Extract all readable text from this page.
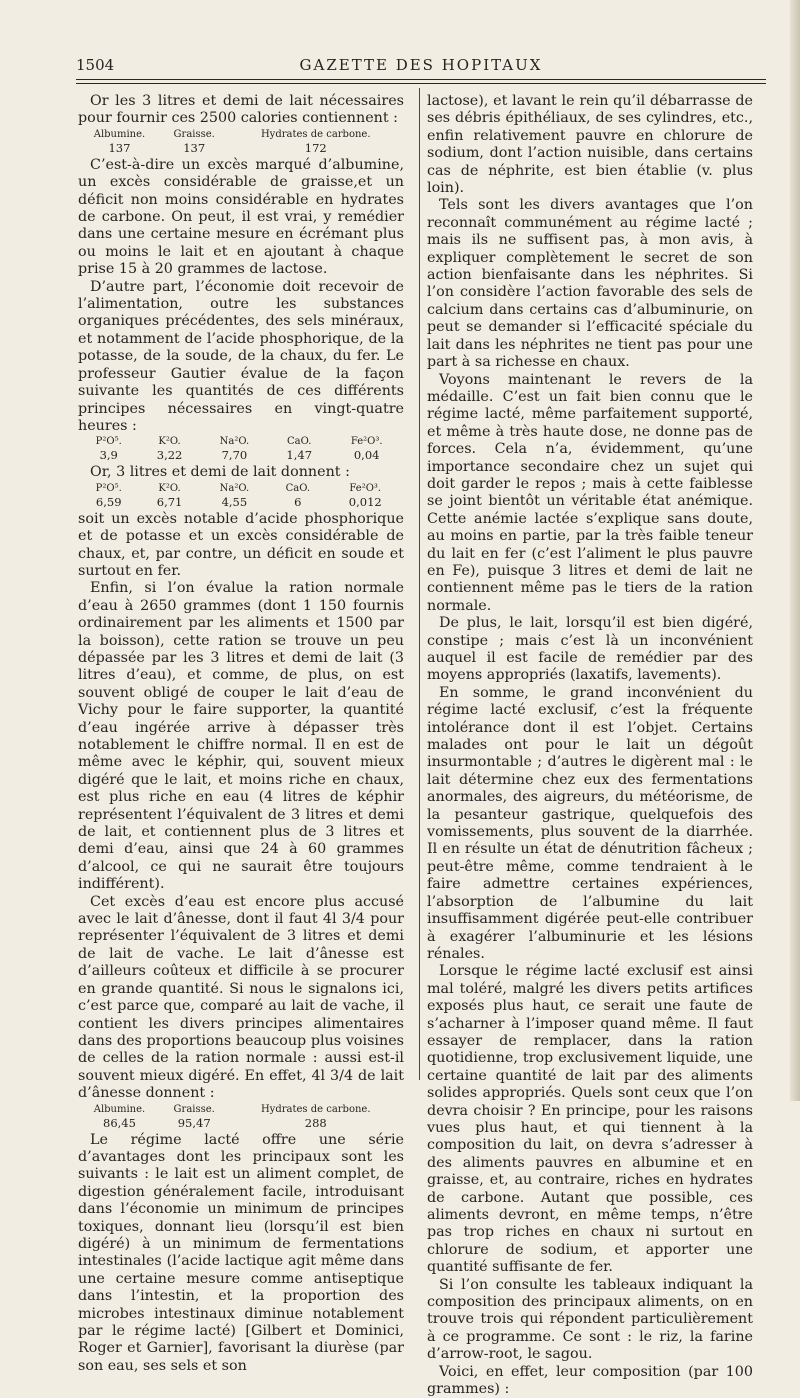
1504	GAZETTE DES HOPITAUX

Or les 3 litres et demi de lait nécessaires pour fournir ces 2500 calories contiennent :

Albumine.	Graisse.	Hydrates de carbone.
137	137	172

C’est-à-dire un excès marqué d’albumine, un excès considérable de graisse,et un déficit non moins considérable en hydrates de carbone. On peut, il est vrai, y remédier dans une certaine mesure en écrémant plus ou moins le lait et en ajoutant à chaque prise 15 à 20 grammes de lactose.

D’autre part, l’économie doit recevoir de l’alimentation, outre les substances organiques précédentes, des sels minéraux, et notamment de l’acide phosphorique, de la potasse, de la soude, de la chaux, du fer. Le professeur Gautier évalue de la façon suivante les quantités de ces différents principes nécessaires en vingt-quatre heures :

P²O⁵.	K²O.	Na²O.	CaO.	Fe²O³.
3,9	3,22	7,70	1,47	0,04

Or, 3 litres et demi de lait donnent :

P²O⁵.	K²O.	Na²O.	CaO.	Fe²O³.
6,59	6,71	4,55	6	0,012

soit un excès notable d’acide phosphorique et de potasse et un excès considérable de chaux, et, par contre, un déficit en soude et surtout en fer.

Enfin, si l’on évalue la ration normale d’eau à 2650 grammes (dont 1 150 fournis ordinairement par les aliments et 1500 par la boisson), cette ration se trouve un peu dépassée par les 3 litres et demi de lait (3 litres d’eau), et comme, de plus, on est souvent obligé de couper le lait d’eau de Vichy pour le faire supporter, la quantité d’eau ingérée arrive à dépasser très notablement le chiffre normal. Il en est de même avec le képhir, qui, souvent mieux digéré que le lait, et moins riche en chaux, est plus riche en eau (4 litres de képhir représentent l’équivalent de 3 litres et demi de lait, et contiennent plus de 3 litres et demi d’eau, ainsi que 24 à 60 grammes d’alcool, ce qui ne saurait être toujours indifférent).

Cet excès d’eau est encore plus accusé avec le lait d’ânesse, dont il faut 4l 3/4 pour représenter l’équivalent de 3 litres et demi de lait de vache. Le lait d’ânesse est d’ailleurs coûteux et difficile à se procurer en grande quantité. Si nous le signalons ici, c’est parce que, comparé au lait de vache, il contient les divers principes alimentaires dans des proportions beaucoup plus voisines de celles de la ration normale : aussi est-il souvent mieux digéré. En effet, 4l 3/4 de lait d’ânesse donnent :

Albumine.	Graisse.	Hydrates de carbone.
86,45	95,47	288

Le régime lacté offre une série d’avantages dont les principaux sont les suivants : le lait est un aliment complet, de digestion généralement facile, introduisant dans l’économie un minimum de principes toxiques, donnant lieu (lorsqu’il est bien digéré) à un minimum de fermentations intestinales (l’acide lactique agit même dans une certaine mesure comme antiseptique dans l’intestin, et la proportion des microbes intestinaux diminue notablement par le régime lacté) [Gilbert et Dominici, Roger et Garnier], favorisant la diurèse (par son eau, ses sels et son

lactose), et lavant le rein qu’il débarrasse de ses débris épithéliaux, de ses cylindres, etc., enfin relativement pauvre en chlorure de sodium, dont l’action nuisible, dans certains cas de néphrite, est bien établie (v. plus loin).

Tels sont les divers avantages que l’on reconnaît communément au régime lacté ; mais ils ne suffisent pas, à mon avis, à expliquer complètement le secret de son action bienfaisante dans les néphrites. Si l’on considère l’action favorable des sels de calcium dans certains cas d’albuminurie, on peut se demander si l’efficacité spéciale du lait dans les néphrites ne tient pas pour une part à sa richesse en chaux.

Voyons maintenant le revers de la médaille. C’est un fait bien connu que le régime lacté, même parfaitement supporté, et même à très haute dose, ne donne pas de forces. Cela n’a, évidemment, qu’une importance secondaire chez un sujet qui doit garder le repos ; mais à cette faiblesse se joint bientôt un véritable état anémique. Cette anémie lactée s’explique sans doute, au moins en partie, par la très faible teneur du lait en fer (c’est l’aliment le plus pauvre en Fe), puisque 3 litres et demi de lait ne contiennent même pas le tiers de la ration normale.

De plus, le lait, lorsqu’il est bien digéré, constipe ; mais c’est là un inconvénient auquel il est facile de remédier par des moyens appropriés (laxatifs, lavements).

En somme, le grand inconvénient du régime lacté exclusif, c’est la fréquente intolérance dont il est l’objet. Certains malades ont pour le lait un dégoût insurmontable ; d’autres le digèrent mal : le lait détermine chez eux des fermentations anormales, des aigreurs, du météorisme, de la pesanteur gastrique, quelquefois des vomissements, plus souvent de la diarrhée. Il en résulte un état de dénutrition fâcheux ; peut-être même, comme tendraient à le faire admettre certaines expériences, l’absorption de l’albumine du lait insuffisamment digérée peut-elle contribuer à exagérer l’albuminurie et les lésions rénales.

Lorsque le régime lacté exclusif est ainsi mal toléré, malgré les divers petits artifices exposés plus haut, ce serait une faute de s’acharner à l’imposer quand même. Il faut essayer de remplacer, dans la ration quotidienne, trop exclusivement liquide, une certaine quantité de lait par des aliments solides appropriés. Quels sont ceux que l’on devra choisir ? En principe, pour les raisons vues plus haut, et qui tiennent à la composition du lait, on devra s’adresser à des aliments pauvres en albumine et en graisse, et, au contraire, riches en hydrates de carbone. Autant que possible, ces aliments devront, en même temps, n’être pas trop riches en chaux ni surtout en chlorure de sodium, et apporter une quantité suffisante de fer.

Si l’on consulte les tableaux indiquant la composition des principaux aliments, on en trouve trois qui répondent particulièrement à ce programme. Ce sont : le riz, la farine d’arrow-root, le sagou.

Voici, en effet, leur composition (par 100 grammes) :
